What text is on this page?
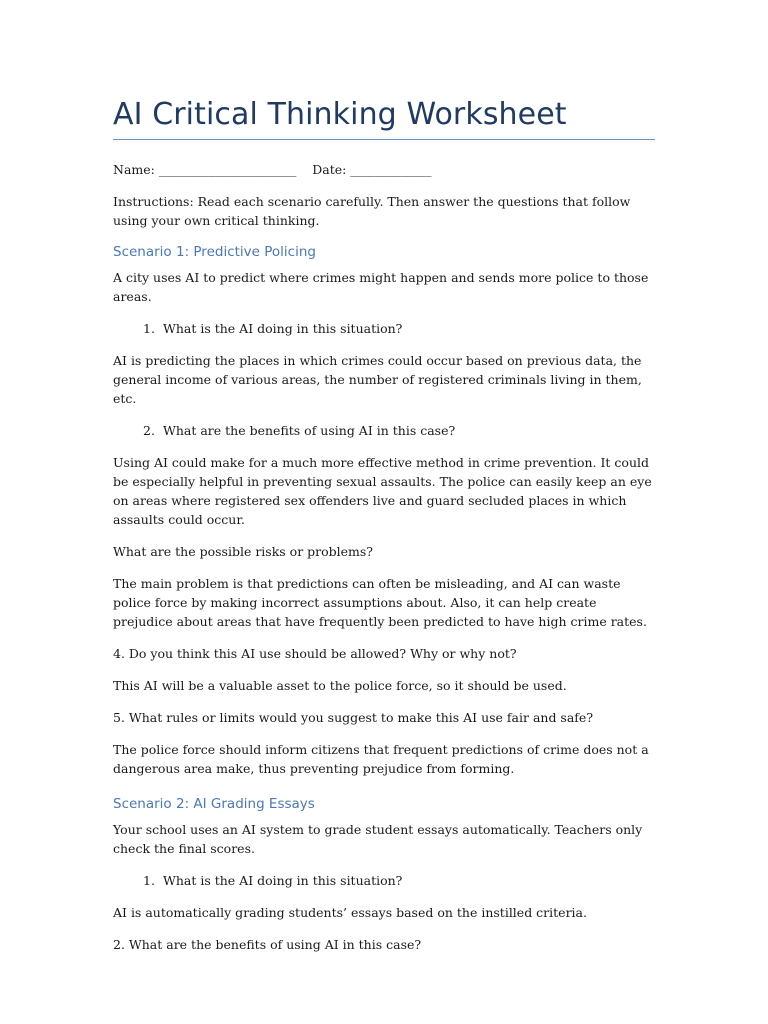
AI Critical Thinking Worksheet
Name: ______________________    Date: _____________

Instructions: Read each scenario carefully. Then answer the questions that follow using your own critical thinking.

Scenario 1: Predictive Policing

A city uses AI to predict where crimes might happen and sends more police to those areas.

1. What is the AI doing in this situation?

AI is predicting the places in which crimes could occur based on previous data, the general income of various areas, the number of registered criminals living in them, etc.

2. What are the benefits of using AI in this case?

Using AI could make for a much more effective method in crime prevention. It could be especially helpful in preventing sexual assaults. The police can easily keep an eye on areas where registered sex offenders live and guard secluded places in which assaults could occur.

What are the possible risks or problems?

The main problem is that predictions can often be misleading, and AI can waste police force by making incorrect assumptions about. Also, it can help create prejudice about areas that have frequently been predicted to have high crime rates.

4. Do you think this AI use should be allowed? Why or why not?

This AI will be a valuable asset to the police force, so it should be used.

5. What rules or limits would you suggest to make this AI use fair and safe?

The police force should inform citizens that frequent predictions of crime does not a dangerous area make, thus preventing prejudice from forming.

Scenario 2: AI Grading Essays

Your school uses an AI system to grade student essays automatically. Teachers only check the final scores.

1. What is the AI doing in this situation?

AI is automatically grading students’ essays based on the instilled criteria.

2. What are the benefits of using AI in this case?
